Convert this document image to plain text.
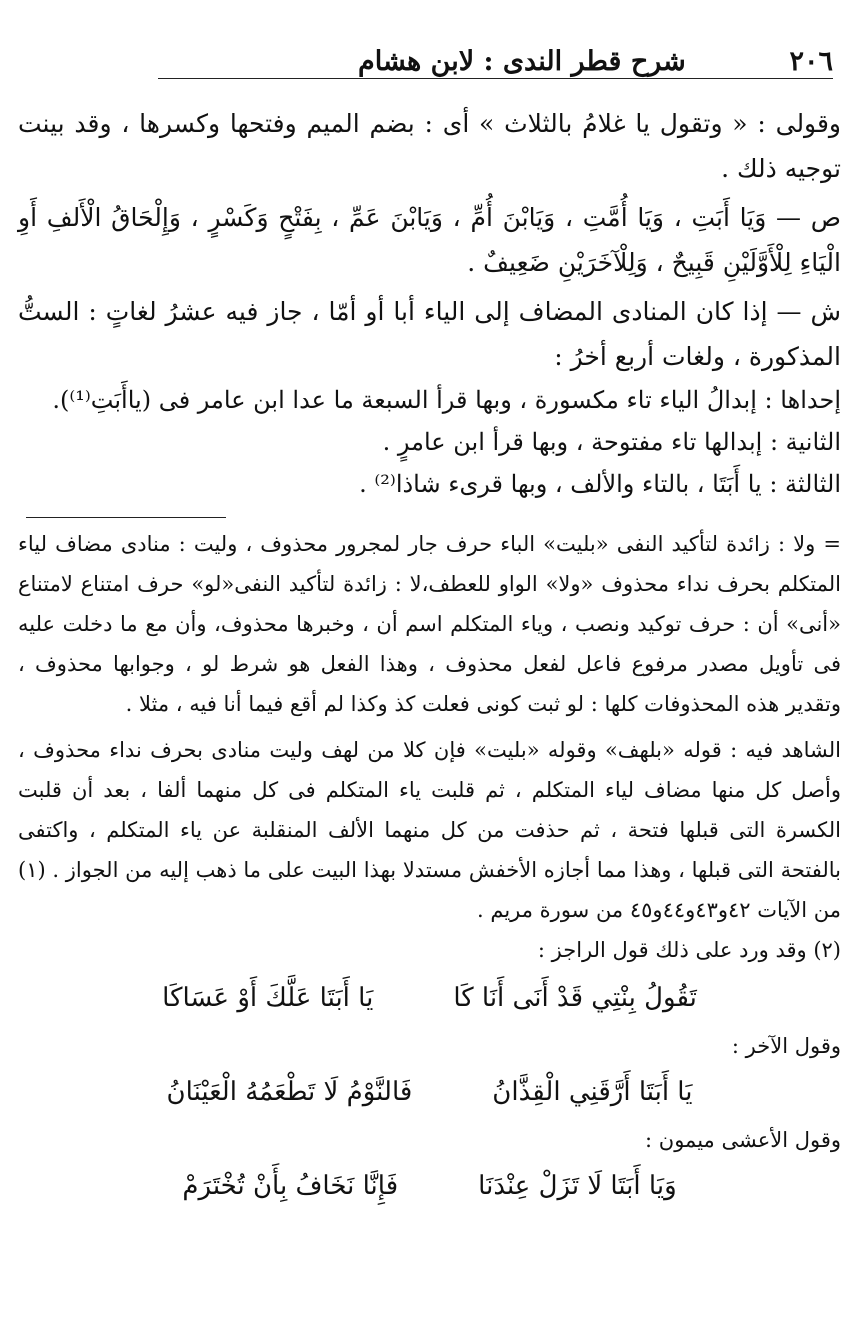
٢٠٦
شرح قطر الندى : لابن هشام

وقولى : « وتقول يا غلامُ بالثلاث » أى : بضم الميم وفتحها وكسرها ، وقد بينت توجيه ذلك .

ص — وَيَا أَبَتِ ، وَيَا أُمَّتِ ، وَيَابْنَ أُمِّ ، وَيَابْنَ عَمِّ ، بِفَتْحٍ وَكَسْرٍ ، وَإِلْحَاقُ الْأَلفِ أَوِ الْيَاءِ لِلْأَوَّلَيْنِ قَبِيحٌ ، وَلِلْآخَرَيْنِ ضَعِيفٌ .

ش — إذا كان المنادى المضاف إلى الياء أبا أو أمّا ، جاز فيه عشرُ لغاتٍ : الستُّ المذكورة ، ولغات أربع أخرُ :

إحداها : إبدالُ الياء تاء مكسورة ، وبها قرأ السبعة ما عدا ابن عامر فى (ياأَبَتِ⁽¹⁾).

الثانية : إبدالها تاء مفتوحة ، وبها قرأ ابن عامرٍ .

الثالثة : يا أَبَتَا ، بالتاء والألف ، وبها قرىء شاذا⁽²⁾ .

= ولا : زائدة لتأكيد النفى «بليت» الباء حرف جار لمجرور محذوف ، وليت : منادى مضاف لياء المتكلم بحرف نداء محذوف «ولا» الواو للعطف،لا : زائدة لتأكيد النفى«لو» حرف امتناع لامتناع «أنى» أن : حرف توكيد ونصب ، وياء المتكلم اسم أن ، وخبرها محذوف، وأن مع ما دخلت عليه فى تأويل مصدر مرفوع فاعل لفعل محذوف ، وهذا الفعل هو شرط لو ، وجوابها محذوف ، وتقدير هذه المحذوفات كلها : لو ثبت كونى فعلت كذ وكذا لم أقع فيما أنا فيه ، مثلا .

الشاهد فيه : قوله «بلهف» وقوله «بليت» فإن كلا من لهف وليت منادى بحرف نداء محذوف ، وأصل كل منها مضاف لياء المتكلم ، ثم قلبت ياء المتكلم فى كل منهما ألفا ، بعد أن قلبت الكسرة التى قبلها فتحة ، ثم حذفت من كل منهما الألف المنقلبة عن ياء المتكلم ، واكتفى بالفتحة التى قبلها ، وهذا مما أجازه الأخفش مستدلا بهذا البيت على ما ذهب إليه من الجواز . (١) من الآيات ٤٢و٤٣و٤٤و٤٥ من سورة مريم .

(٢) وقد ورد على ذلك قول الراجز :

تَقُولُ بِنْتِي قَدْ أَنَى أَنَا كَا
يَا أَبَتَا عَلَّكَ أَوْ عَسَاكَا

وقول الآخر :

يَا أَبَتَا أَرَّقَنِي الْقِذَّانُ
فَالنَّوْمُ لَا تَطْعَمُهُ الْعَيْنَانُ

وقول الأعشى ميمون :

وَيَا أَبَتَا لَا تَزَلْ عِنْدَنَا
فَإِنَّا نَخَافُ بِأَنْ تُخْتَرَمْ
